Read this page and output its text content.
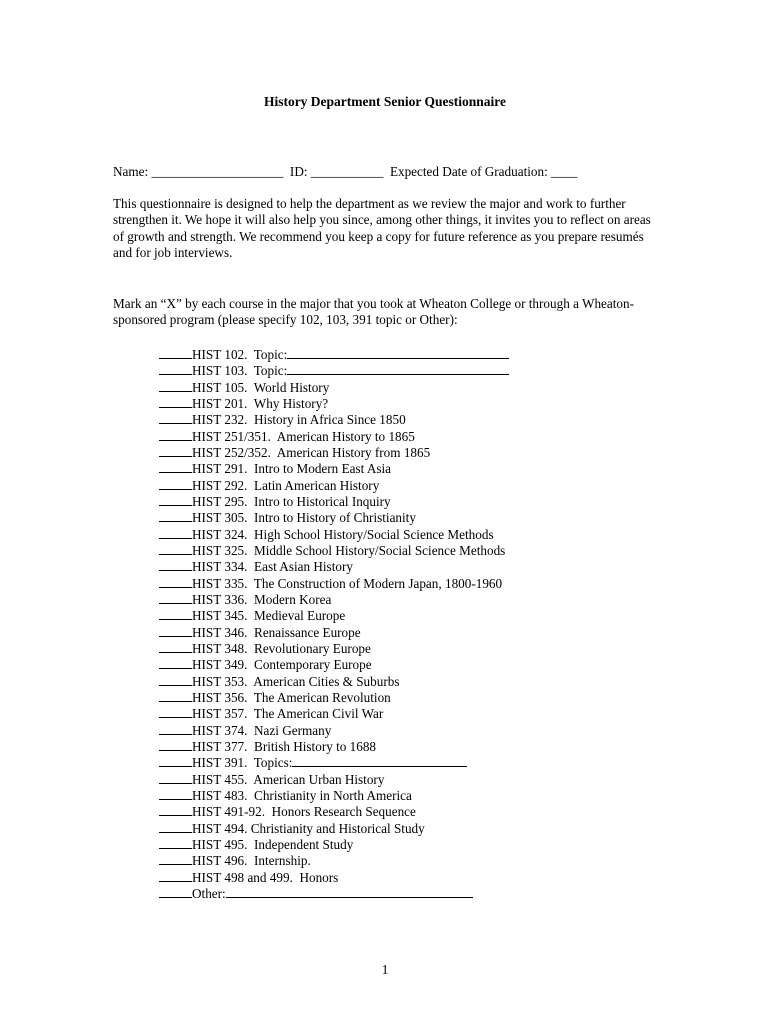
History Department Senior Questionnaire
Name: ____________________ ID: ___________ Expected Date of Graduation: ____

This questionnaire is designed to help the department as we review the major and work to further strengthen it. We hope it will also help you since, among other things, it invites you to reflect on areas of growth and strength. We recommend you keep a copy for future reference as you prepare resumés and for job interviews.

Mark an “X” by each course in the major that you took at Wheaton College or through a Wheaton-sponsored program (please specify 102, 103, 391 topic or Other):

HIST 102.  Topic:
HIST 103.  Topic:
HIST 105.  World History
HIST 201.  Why History?
HIST 232.  History in Africa Since 1850
HIST 251/351.  American History to 1865
HIST 252/352.  American History from 1865
HIST 291.  Intro to Modern East Asia
HIST 292.  Latin American History
HIST 295.  Intro to Historical Inquiry
HIST 305.  Intro to History of Christianity
HIST 324.  High School History/Social Science Methods
HIST 325.  Middle School History/Social Science Methods
HIST 334.  East Asian History
HIST 335.  The Construction of Modern Japan, 1800-1960
HIST 336.  Modern Korea
HIST 345.  Medieval Europe
HIST 346.  Renaissance Europe
HIST 348.  Revolutionary Europe
HIST 349.  Contemporary Europe
HIST 353.  American Cities & Suburbs
HIST 356.  The American Revolution
HIST 357.  The American Civil War
HIST 374.  Nazi Germany
HIST 377.  British History to 1688
HIST 391.  Topics:
HIST 455.  American Urban History
HIST 483.  Christianity in North America
HIST 491-92.  Honors Research Sequence
HIST 494. Christianity and Historical Study
HIST 495.  Independent Study
HIST 496.  Internship.
HIST 498 and 499.  Honors
Other:
1
